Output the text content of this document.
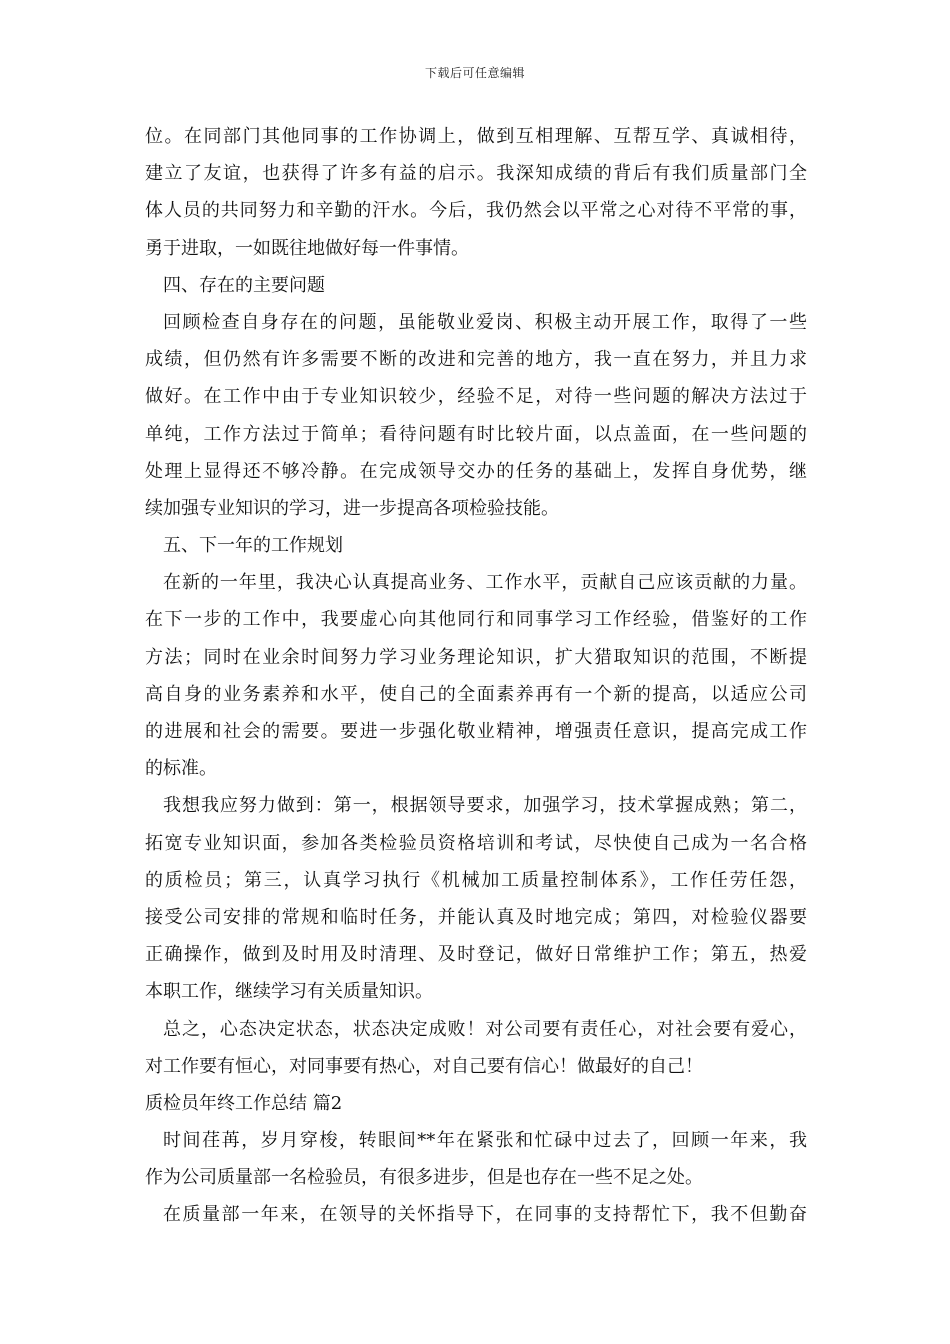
下载后可任意编辑
位。在同部门其他同事的工作协调上，做到互相理解、互帮互学、真诚相待，
建立了友谊，也获得了许多有益的启示。我深知成绩的背后有我们质量部门全
体人员的共同努力和辛勤的汗水。今后，我仍然会以平常之心对待不平常的事，
勇于进取，一如既往地做好每一件事情。
四、存在的主要问题
回顾检查自身存在的问题，虽能敬业爱岗、积极主动开展工作，取得了一些
成绩，但仍然有许多需要不断的改进和完善的地方，我一直在努力，并且力求
做好。在工作中由于专业知识较少，经验不足，对待一些问题的解决方法过于
单纯，工作方法过于简单；看待问题有时比较片面，以点盖面，在一些问题的
处理上显得还不够冷静。在完成领导交办的任务的基础上，发挥自身优势，继
续加强专业知识的学习，进一步提高各项检验技能。
五、下一年的工作规划
在新的一年里，我决心认真提高业务、工作水平，贡献自己应该贡献的力量。
在下一步的工作中，我要虚心向其他同行和同事学习工作经验，借鉴好的工作
方法；同时在业余时间努力学习业务理论知识，扩大猎取知识的范围，不断提
高自身的业务素养和水平，使自己的全面素养再有一个新的提高，以适应公司
的进展和社会的需要。要进一步强化敬业精神，增强责任意识，提高完成工作
的标准。
我想我应努力做到：第一，根据领导要求，加强学习，技术掌握成熟；第二，
拓宽专业知识面，参加各类检验员资格培训和考试，尽快使自己成为一名合格
的质检员；第三，认真学习执行《机械加工质量控制体系》，工作任劳任怨，
接受公司安排的常规和临时任务，并能认真及时地完成；第四，对检验仪器要
正确操作，做到及时用及时清理、及时登记，做好日常维护工作；第五，热爱
本职工作，继续学习有关质量知识。
总之，心态决定状态，状态决定成败！对公司要有责任心，对社会要有爱心，
对工作要有恒心，对同事要有热心，对自己要有信心！做最好的自己！
质检员年终工作总结 篇2
时间荏苒，岁月穿梭，转眼间**年在紧张和忙碌中过去了，回顾一年来，我
作为公司质量部一名检验员，有很多进步，但是也存在一些不足之处。
在质量部一年来，在领导的关怀指导下，在同事的支持帮忙下，我不但勤奋
